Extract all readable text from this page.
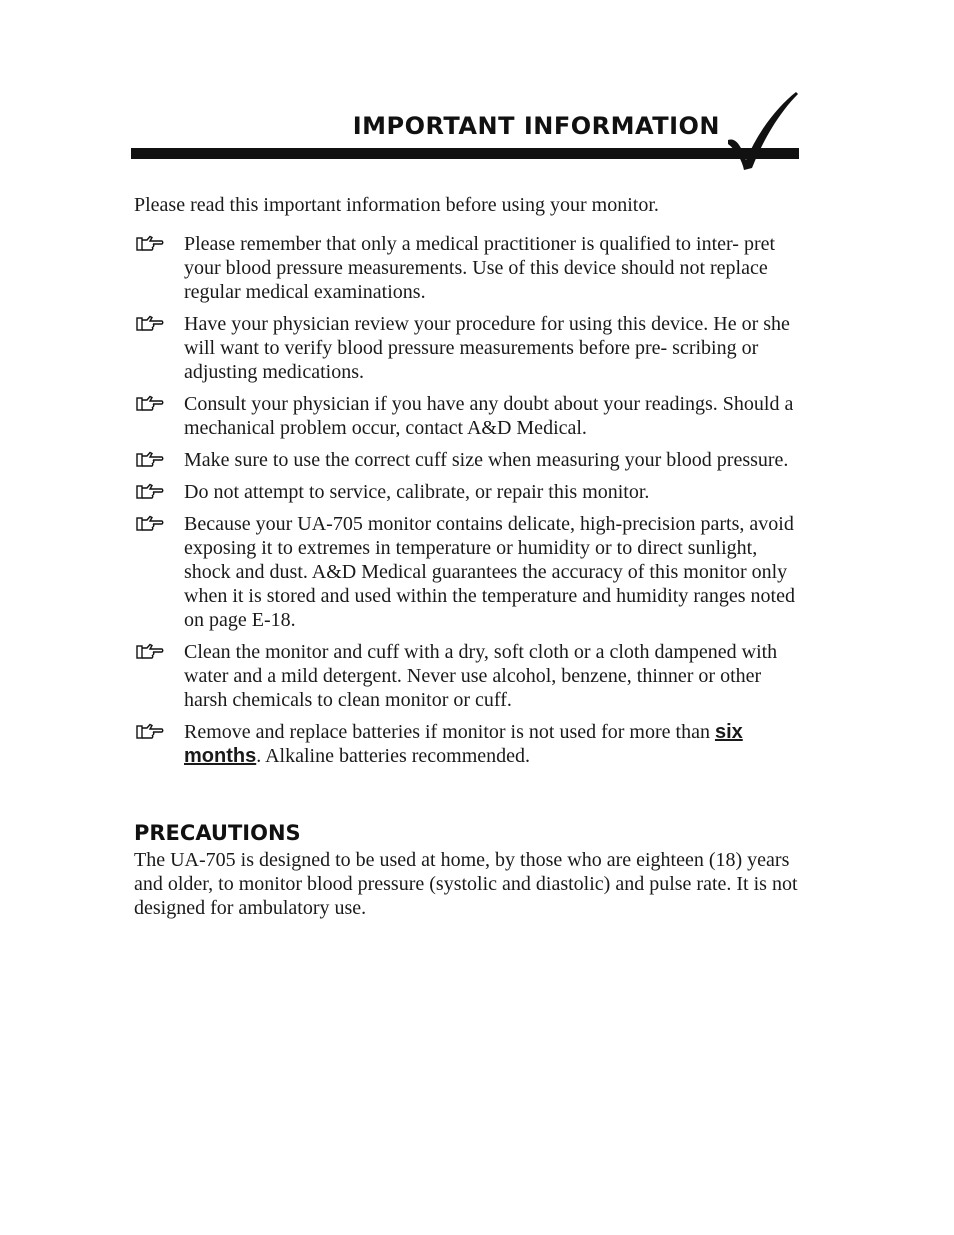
IMPORTANT INFORMATION

Please read this important information before using your monitor.

Please remember that only a medical practitioner is qualified to inter- pret your blood pressure measurements. Use of this device should not replace regular medical examinations.
Have your physician review your procedure for using this device. He or she will want to verify blood pressure measurements before pre- scribing or adjusting medications.
Consult your physician if you have any doubt about your readings. Should a mechanical problem occur, contact A&D Medical.
Make sure to use the correct cuff size when measuring your blood pressure.
Do not attempt to service, calibrate, or repair this monitor.
Because your UA-705 monitor contains delicate, high-precision parts, avoid exposing it to extremes in temperature or humidity or to direct sunlight, shock and dust. A&D Medical guarantees the accuracy of this monitor only when it is stored and used within the temperature and humidity ranges noted on page E-18.
Clean the monitor and cuff with a dry, soft cloth or a cloth dampened with water and a mild detergent. Never use alcohol, benzene, thinner or other harsh chemicals to clean monitor or cuff.
Remove and replace batteries if monitor is not used for more than six months. Alkaline batteries recommended.
PRECAUTIONS

The UA-705 is designed to be used at home, by those who are eighteen (18) years and older, to monitor blood pressure (systolic and diastolic) and pulse rate. It is not designed for ambulatory use.
